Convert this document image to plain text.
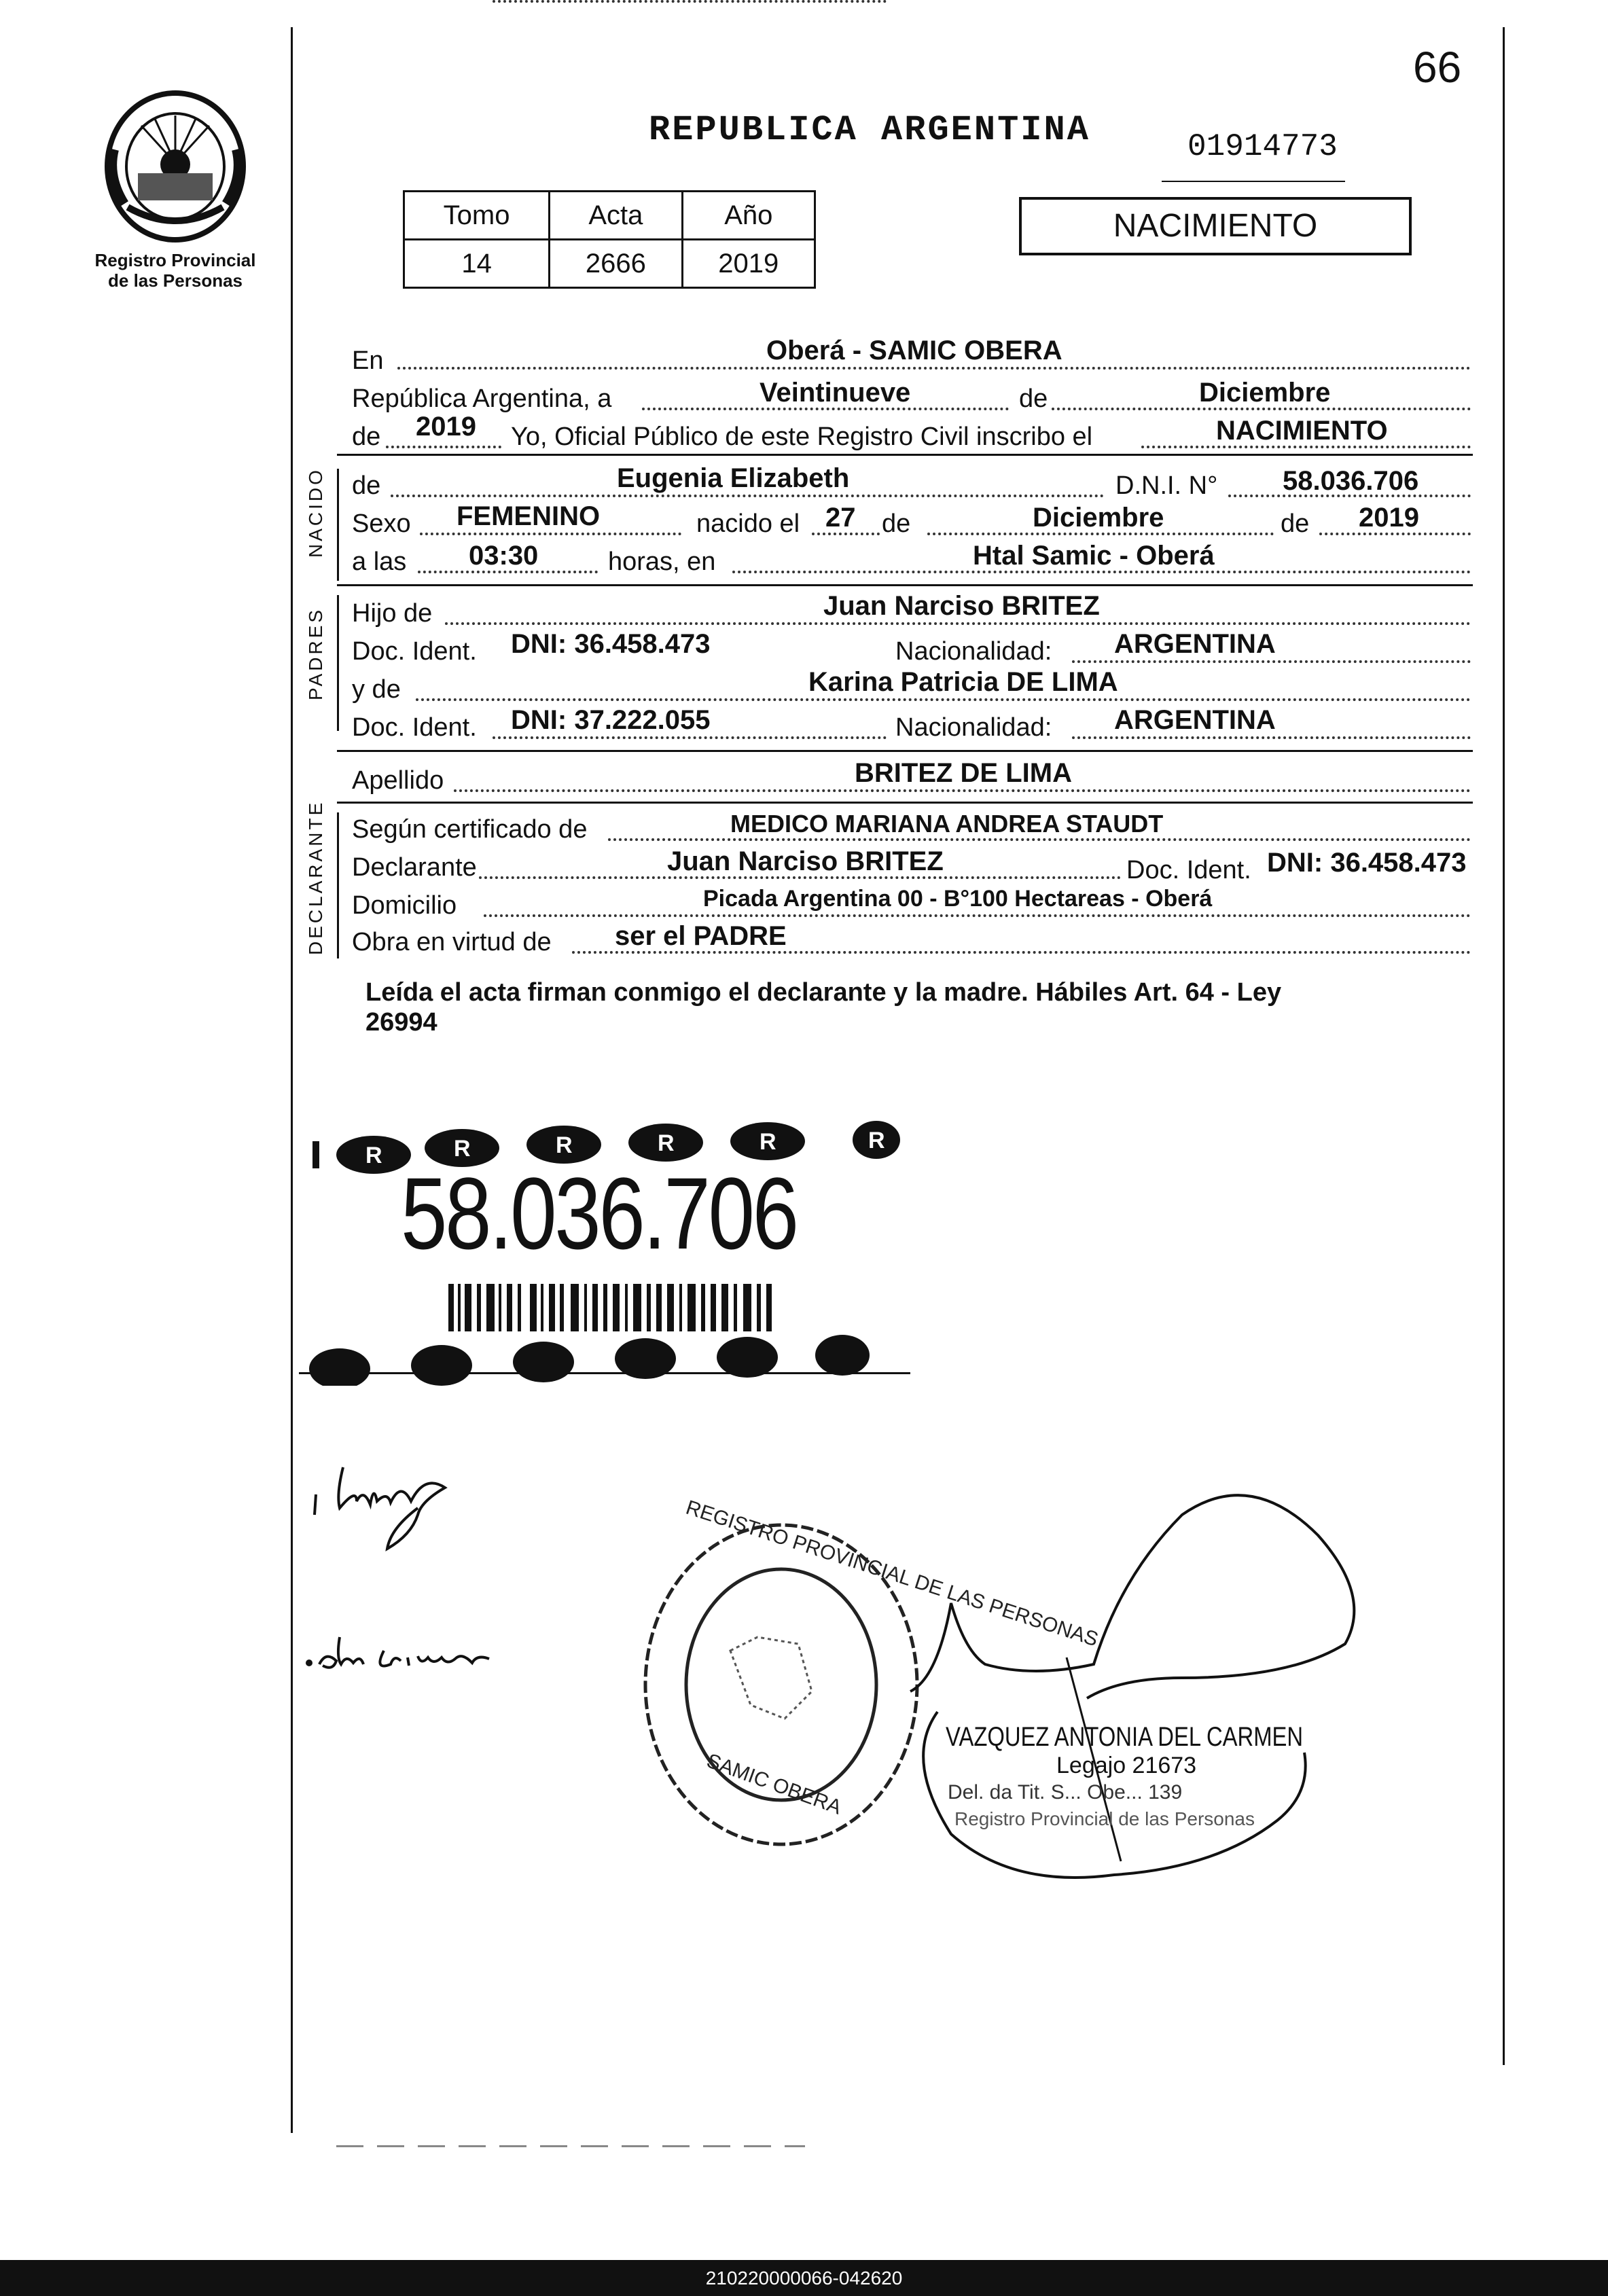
66
Registro Provincial
de las Personas
REPUBLICA ARGENTINA	01914773
Tomo	Acta	Año
14	2666	2019
NACIMIENTO
En	Oberá - SAMIC OBERA
República Argentina, a	Veintinueve	de	Diciembre
de 2019 Yo, Oficial Público de este Registro Civil inscribo el	NACIMIENTO
NACIDO de	Eugenia Elizabeth	D.N.I. N° 58.036.706
Sexo FEMENINO	nacido el 27 de	Diciembre	de 2019
a las 03:30	horas, en	Htal Samic - Oberá
PADRES Hijo de	Juan Narciso BRITEZ
Doc. Ident. DNI: 36.458.473	Nacionalidad: ARGENTINA
y de	Karina Patricia DE LIMA
Doc. Ident. DNI: 37.222.055	Nacionalidad: ARGENTINA
Apellido	BRITEZ DE LIMA
DECLARANTE Según certificado de	MEDICO MARIANA ANDREA STAUDT
Declarante	Juan Narciso BRITEZ	Doc. Ident. DNI: 36.458.473
Domicilio	Picada Argentina 00 - B°100 Hectareas - Oberá
Obra en virtud de ser el PADRE
Leída el acta firman conmigo el declarante y la madre. Hábiles Art. 64 - Ley
26994
R	R	R	R	R	R
58.036.706
REGISTRO PROVINCIAL DE LAS PERSONAS
SAMIC OBERA
VAZQUEZ ANTONIA DEL CARMEN
Legajo 21673
Del. da Tit. S... Obe... 139
Registro Provincial de las Personas
210220000066-042620
